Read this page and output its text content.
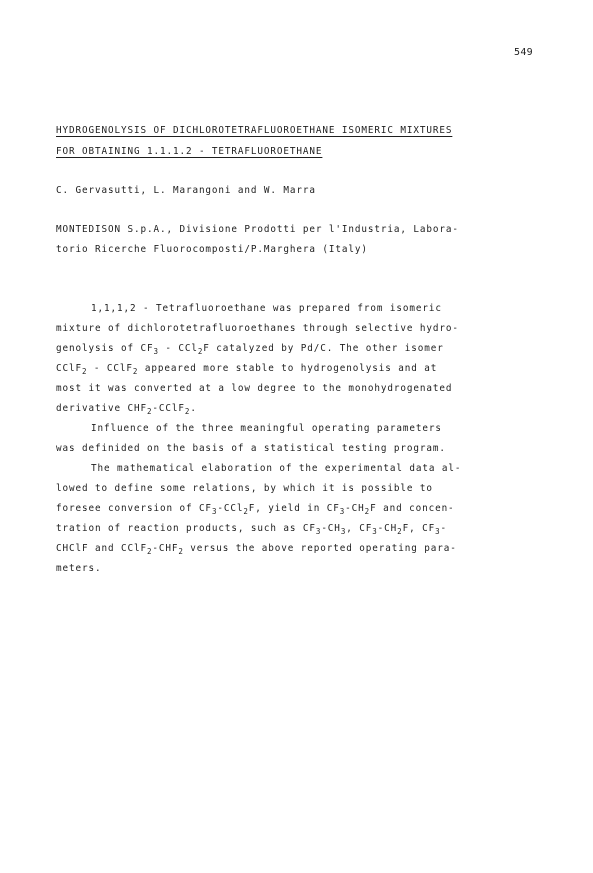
549
HYDROGENOLYSIS OF DICHLOROTETRAFLUOROETHANE ISOMERIC MIXTURES
FOR OBTAINING 1.1.1.2 - TETRAFLUOROETHANE
C. Gervasutti, L. Marangoni and W. Marra
MONTEDISON S.p.A., Divisione Prodotti per l'Industria, Labora-
torio Ricerche Fluorocomposti/P.Marghera (Italy)
1,1,1,2 - Tetrafluoroethane was prepared from isomeric
mixture of dichlorotetrafluoroethanes through selective hydro-
genolysis of $CF_3 - CCl_2F$ catalyzed by Pd/C. The other isomer
CClF$_2$ - CClF$_2$ appeared more stable to hydrogenolysis and at
most it was converted at a low degree to the monohydrogenated
derivative $CHF_2-CClF_2$.
Influence of the three meaningful operating parameters
was definided on the basis of a statistical testing program.
The mathematical elaboration of the experimental data al-
lowed to define some relations, by which it is possible to
foresee conversion of $CF_3-CCl_2F$, yield in $CF_3-CH_2F$ and concen-
tration of reaction products, such as $CF_3-CH_3$, $CF_3-CH_2F$, $CF_3-$
CHClF and $CClF_2-CHF_2$ versus the above reported operating para-
meters.
